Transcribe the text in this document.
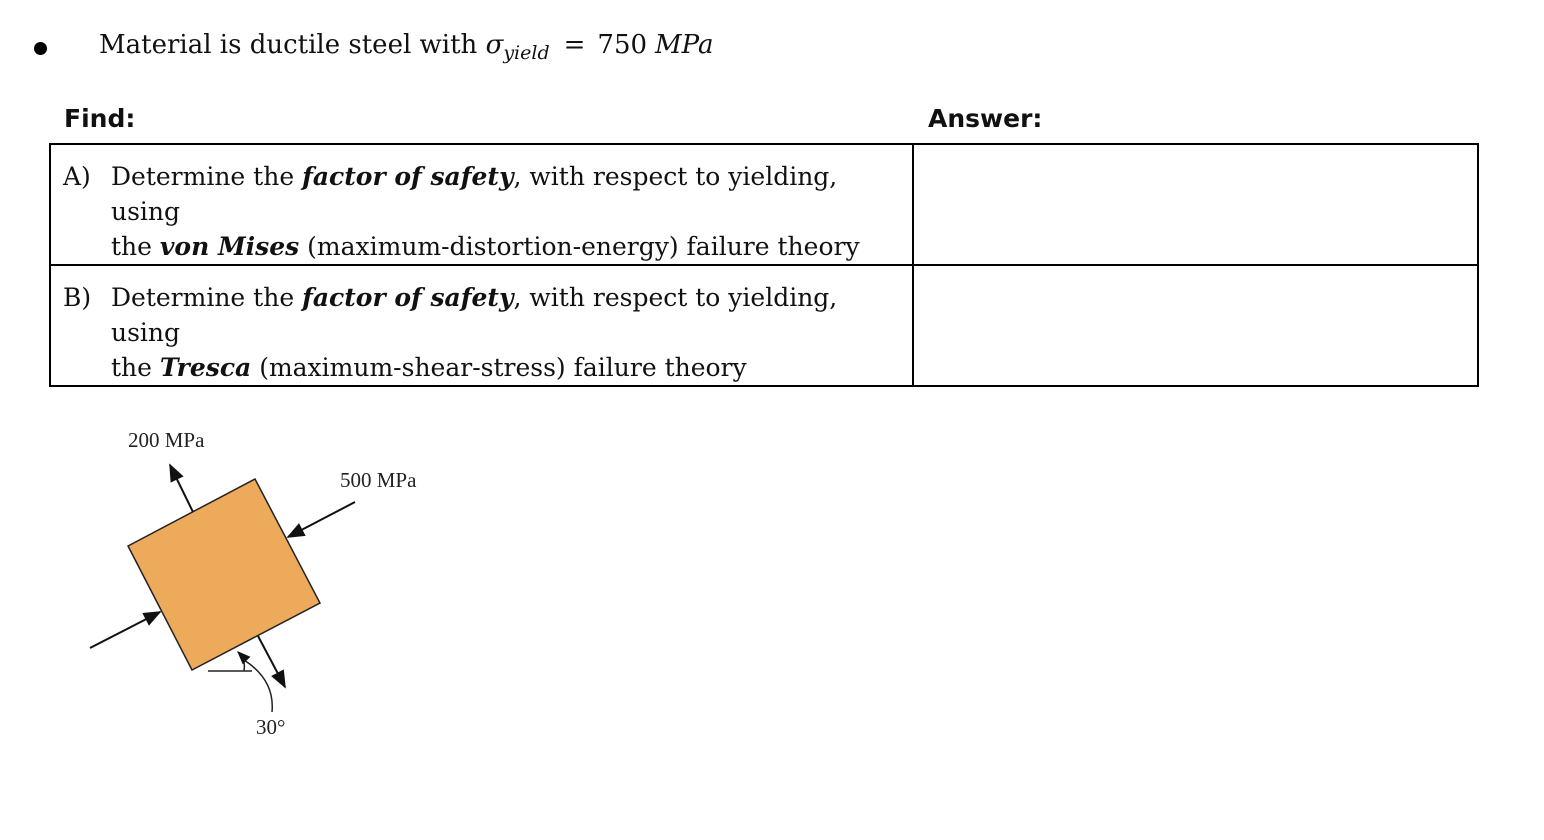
Material is ductile steel with
σ yield = 750 MPa
Find:	Answer:
A) Determine the factor of safety, with respect to yielding, using
the von Mises (maximum-distortion-energy) failure theory	

B) Determine the factor of safety, with respect to yielding, using
the Tresca (maximum-shear-stress) failure theory	

200 MPa
500 MPa
30°
